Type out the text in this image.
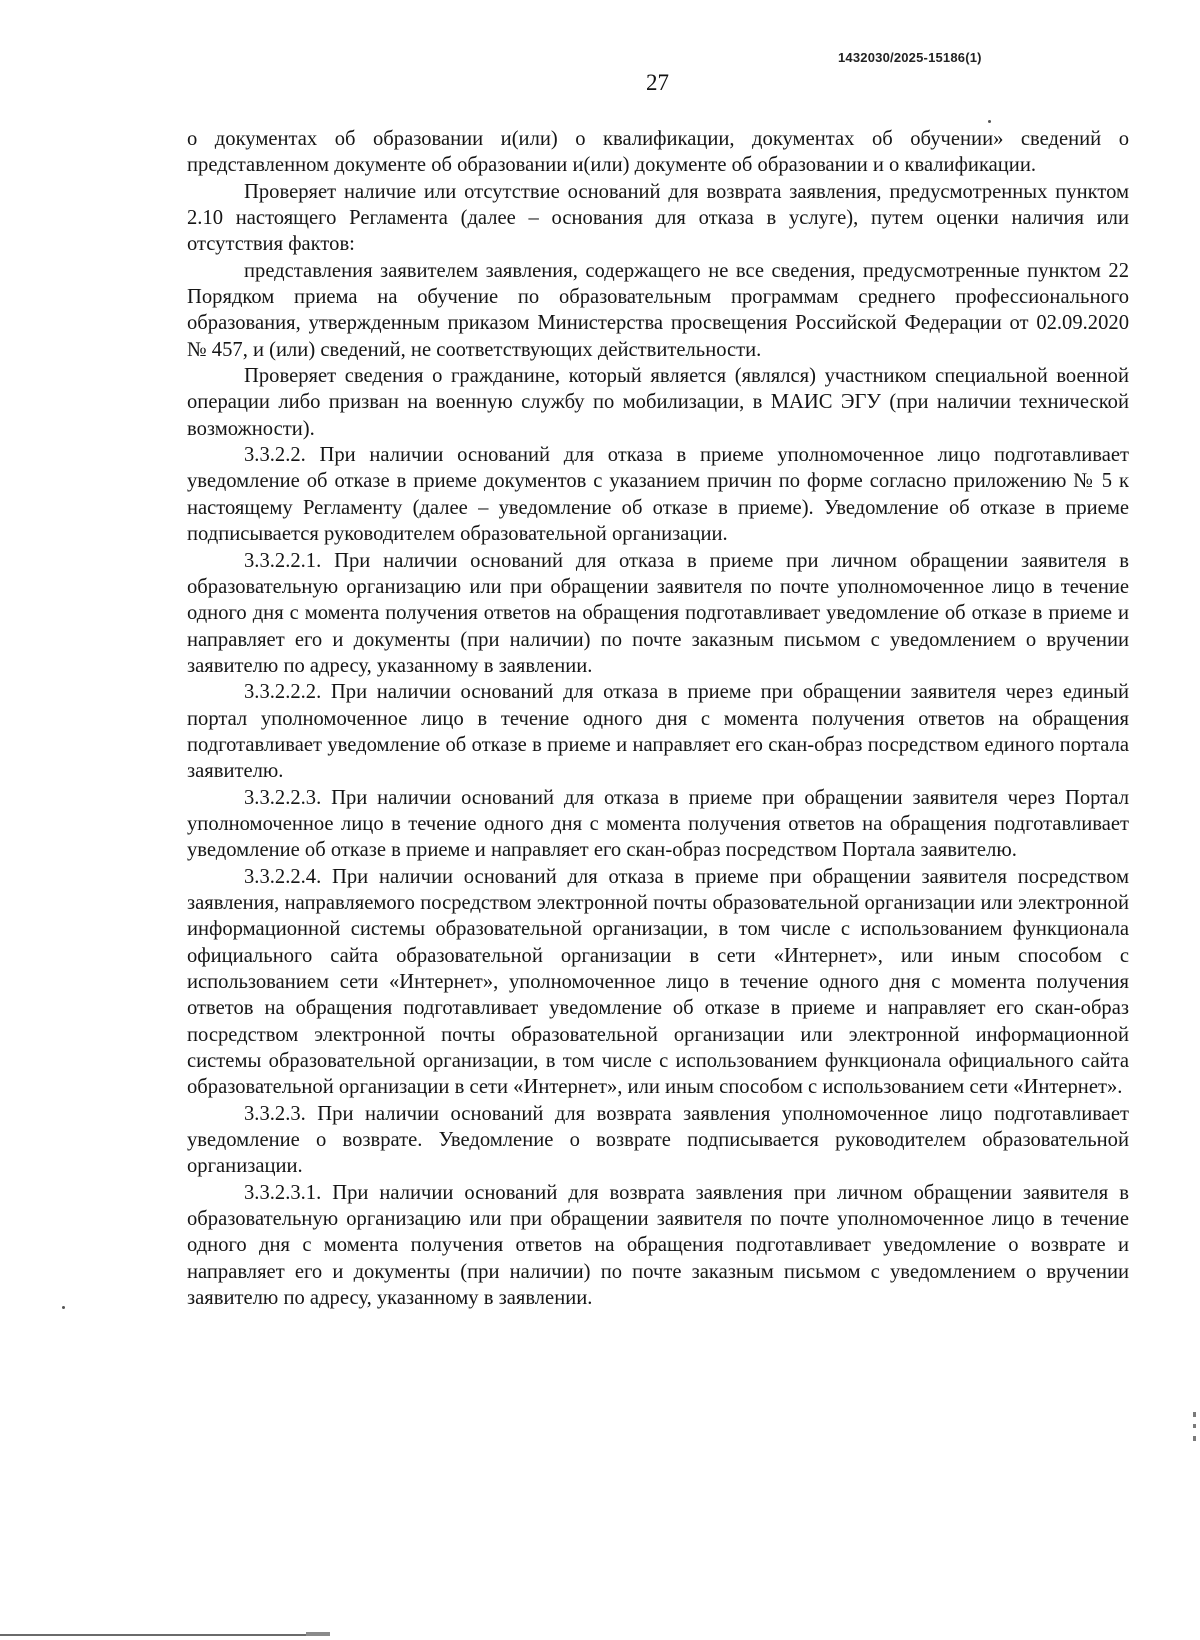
1432030/2025-15186(1)
27

о документах об образовании и(или) о квалификации, документах об обучении» сведений о представленном документе об образовании и(или) документе об образовании и о квалификации.

Проверяет наличие или отсутствие оснований для возврата заявления, предусмотренных пунктом 2.10 настоящего Регламента (далее – основания для отказа в услуге), путем оценки наличия или отсутствия фактов:

представления заявителем заявления, содержащего не все сведения, предусмотренные пунктом 22 Порядком приема на обучение по образовательным программам среднего профессионального образования, утвержденным приказом Министерства просвещения Российской Федерации от 02.09.2020 № 457, и (или) сведений, не соответствующих действительности.

Проверяет сведения о гражданине, который является (являлся) участником специальной военной операции либо призван на военную службу по мобилизации, в МАИС ЭГУ (при наличии технической возможности).

3.3.2.2. При наличии оснований для отказа в приеме уполномоченное лицо подготавливает уведомление об отказе в приеме документов с указанием причин по форме согласно приложению № 5 к настоящему Регламенту (далее – уведомление об отказе в приеме). Уведомление об отказе в приеме подписывается руководителем образовательной организации.

3.3.2.2.1. При наличии оснований для отказа в приеме при личном обращении заявителя в образовательную организацию или при обращении заявителя по почте уполномоченное лицо в течение одного дня с момента получения ответов на обращения подготавливает уведомление об отказе в приеме и направляет его и документы (при наличии) по почте заказным письмом с уведомлением о вручении заявителю по адресу, указанному в заявлении.

3.3.2.2.2. При наличии оснований для отказа в приеме при обращении заявителя через единый портал уполномоченное лицо в течение одного дня с момента получения ответов на обращения подготавливает уведомление об отказе в приеме и направляет его скан-образ посредством единого портала заявителю.

3.3.2.2.3. При наличии оснований для отказа в приеме при обращении заявителя через Портал уполномоченное лицо в течение одного дня с момента получения ответов на обращения подготавливает уведомление об отказе в приеме и направляет его скан-образ посредством Портала заявителю.

3.3.2.2.4. При наличии оснований для отказа в приеме при обращении заявителя посредством заявления, направляемого посредством электронной почты образовательной организации или электронной информационной системы образовательной организации, в том числе с использованием функционала официального сайта образовательной организации в сети «Интернет», или иным способом с использованием сети «Интернет», уполномоченное лицо в течение одного дня с момента получения ответов на обращения подготавливает уведомление об отказе в приеме и направляет его скан-образ посредством электронной почты образовательной организации или электронной информационной системы образовательной организации, в том числе с использованием функционала официального сайта образовательной организации в сети «Интернет», или иным способом с использованием сети «Интернет».

3.3.2.3. При наличии оснований для возврата заявления уполномоченное лицо подготавливает уведомление о возврате. Уведомление о возврате подписывается руководителем образовательной организации.

3.3.2.3.1. При наличии оснований для возврата заявления при личном обращении заявителя в образовательную организацию или при обращении заявителя по почте уполномоченное лицо в течение одного дня с момента получения ответов на обращения подготавливает уведомление о возврате и направляет его и документы (при наличии) по почте заказным письмом с уведомлением о вручении заявителю по адресу, указанному в заявлении.
